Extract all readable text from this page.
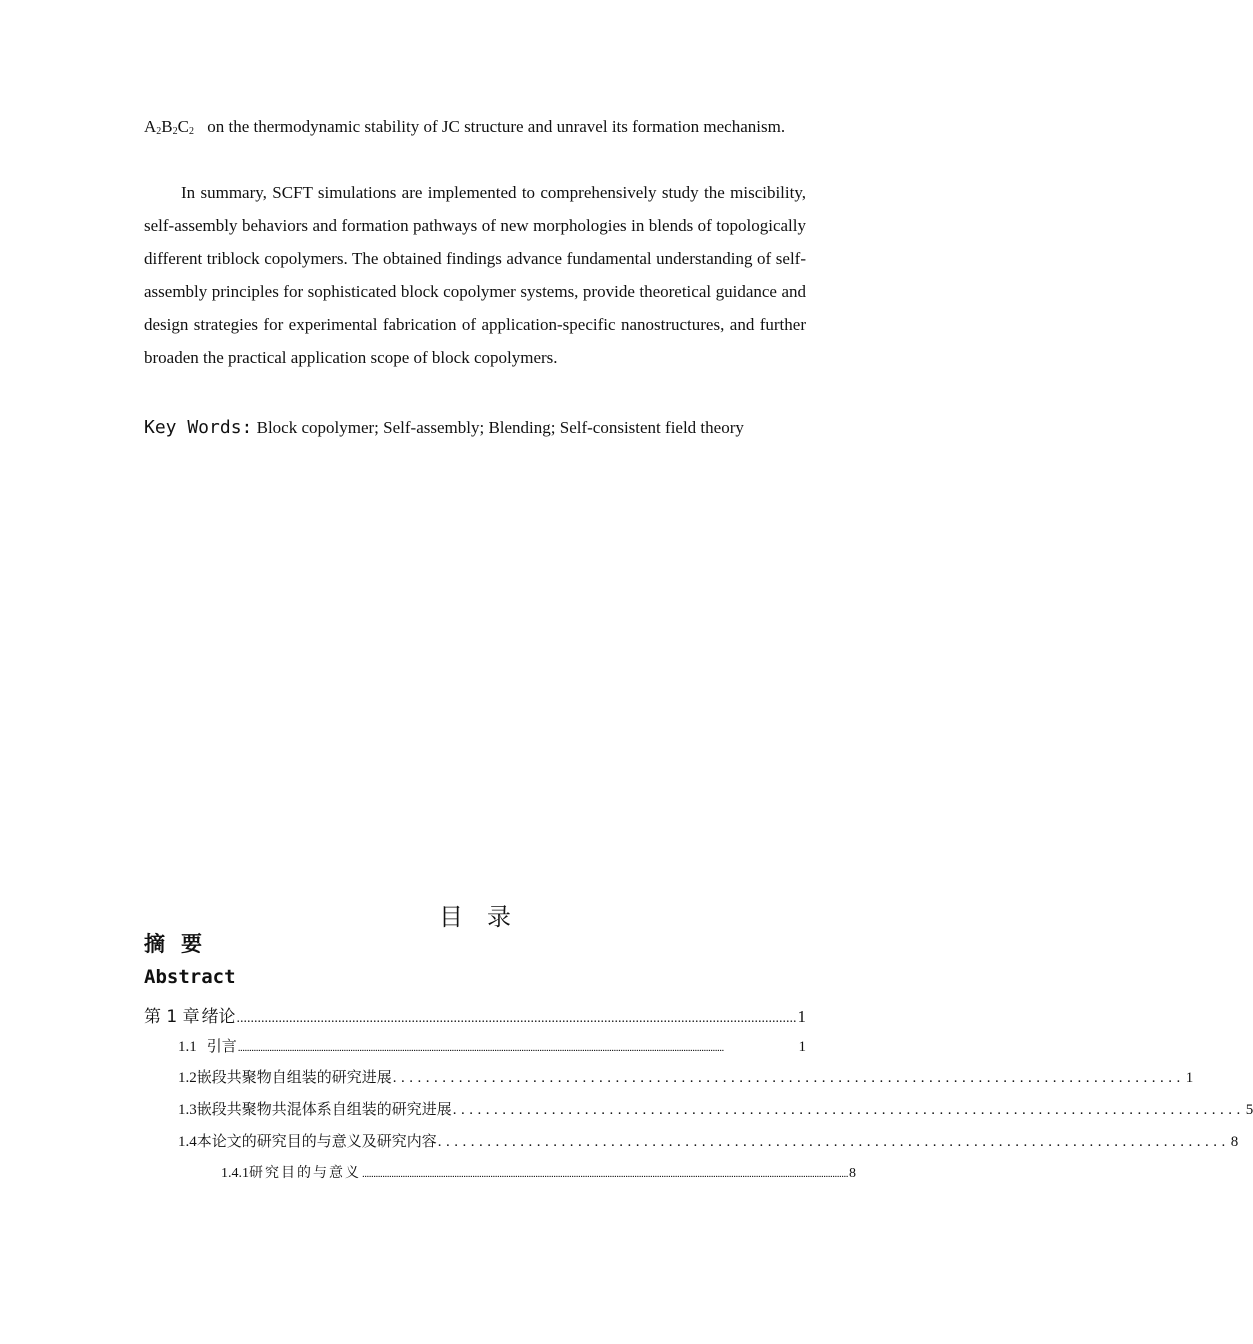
$A_2B_2C_2$ on the thermodynamic stability of JC structure and unravel its formation mechanism.
In summary, SCFT simulations are implemented to comprehensively study the miscibility, self-assembly behaviors and formation pathways of new morphologies in blends of topologically different triblock copolymers. The obtained findings advance fundamental understanding of self-assembly principles for sophisticated block copolymer systems, provide theoretical guidance and design strategies for experimental fabrication of application-specific nanostructures, and further broaden the practical application scope of block copolymers.
Key Words: Block copolymer; Self-assembly; Blending; Self-consistent field theory
目录
摘要
Abstract
第 1 章 绪论 ................................................................................................................................................................ 1
1.1 引言 ........................................................................................................................................................................................................................	1
1.2 嵌段共聚物自组装的研究进展 ................................................................................................ 1
1.3 嵌段共聚物共混体系自组装的研究进展 ................................................................................................ 5
1.4 本论文的研究目的与意义及研究内容 ................................................................................................ 8
1.4.1 研究目的与意义 ........................................................................................................................................................................................................................ 8
